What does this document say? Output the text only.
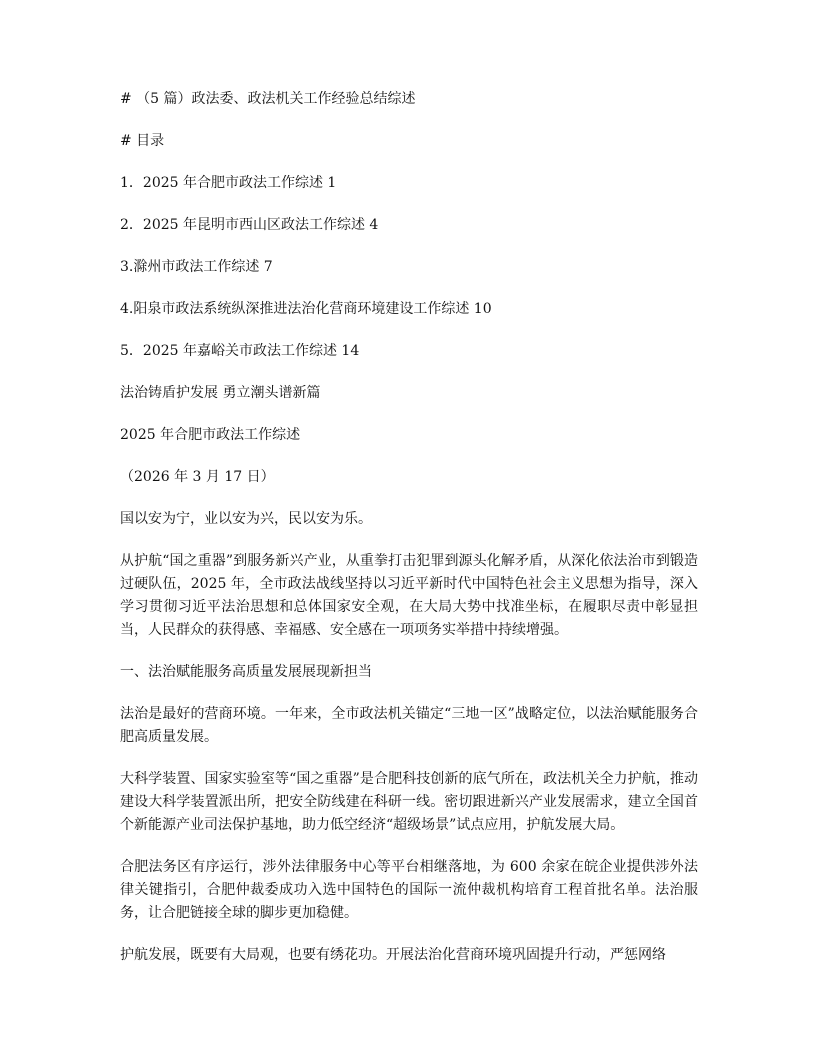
# （5 篇）政法委、政法机关工作经验总结综述

# 目录

1．2025 年合肥市政法工作综述 1

2．2025 年昆明市西山区政法工作综述 4

3.滁州市政法工作综述 7

4.阳泉市政法系统纵深推进法治化营商环境建设工作综述 10

5．2025 年嘉峪关市政法工作综述 14

法治铸盾护发展 勇立潮头谱新篇

2025 年合肥市政法工作综述

（2026 年 3 月 17 日）

国以安为宁，业以安为兴，民以安为乐。

从护航“国之重器”到服务新兴产业，从重拳打击犯罪到源头化解矛盾，从深化依法治市到锻造过硬队伍，2025 年，全市政法战线坚持以习近平新时代中国特色社会主义思想为指导，深入学习贯彻习近平法治思想和总体国家安全观，在大局大势中找准坐标，在履职尽责中彰显担当，人民群众的获得感、幸福感、安全感在一项项务实举措中持续增强。

一、法治赋能服务高质量发展展现新担当

法治是最好的营商环境。一年来，全市政法机关锚定“三地一区”战略定位，以法治赋能服务合肥高质量发展。

大科学装置、国家实验室等“国之重器”是合肥科技创新的底气所在，政法机关全力护航，推动建设大科学装置派出所，把安全防线建在科研一线。密切跟进新兴产业发展需求，建立全国首个新能源产业司法保护基地，助力低空经济“超级场景”试点应用，护航发展大局。

合肥法务区有序运行，涉外法律服务中心等平台相继落地，为 600 余家在皖企业提供涉外法律关键指引，合肥仲裁委成功入选中国特色的国际一流仲裁机构培育工程首批名单。法治服务，让合肥链接全球的脚步更加稳健。

护航发展，既要有大局观，也要有绣花功。开展法治化营商环境巩固提升行动，严惩网络
